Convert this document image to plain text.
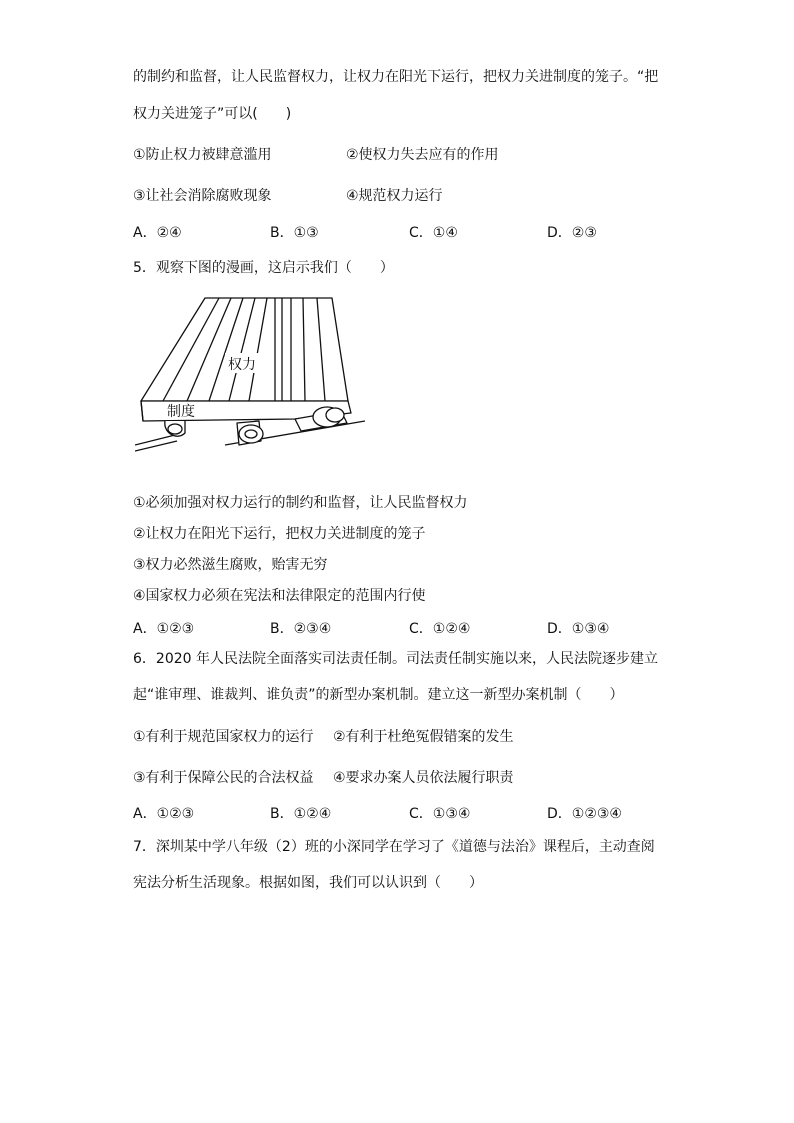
的制约和监督，让人民监督权力，让权力在阳光下运行，把权力关进制度的笼子。“把
权力关进笼子”可以(　　)
①防止权力被肆意滥用	②使权力失去应有的作用
③让社会消除腐败现象	④规范权力运行
A．②④	B．①③	C．①④	D．②③
5．观察下图的漫画，这启示我们（　　）
权力
制度
①必须加强对权力运行的制约和监督，让人民监督权力
②让权力在阳光下运行，把权力关进制度的笼子
③权力必然滋生腐败，贻害无穷
④国家权力必须在宪法和法律限定的范围内行使
A．①②③	B．②③④	C．①②④	D．①③④
6．2020 年人民法院全面落实司法责任制。司法责任制实施以来，人民法院逐步建立
起“谁审理、谁裁判、谁负责”的新型办案机制。建立这一新型办案机制（　　）
①有利于规范国家权力的运行 ②有利于杜绝冤假错案的发生
③有利于保障公民的合法权益 ④要求办案人员依法履行职责
A．①②③	B．①②④	C．①③④	D．①②③④
7．深圳某中学八年级（2）班的小深同学在学习了《道德与法治》课程后，主动查阅
宪法分析生活现象。根据如图，我们可以认识到（　　）
